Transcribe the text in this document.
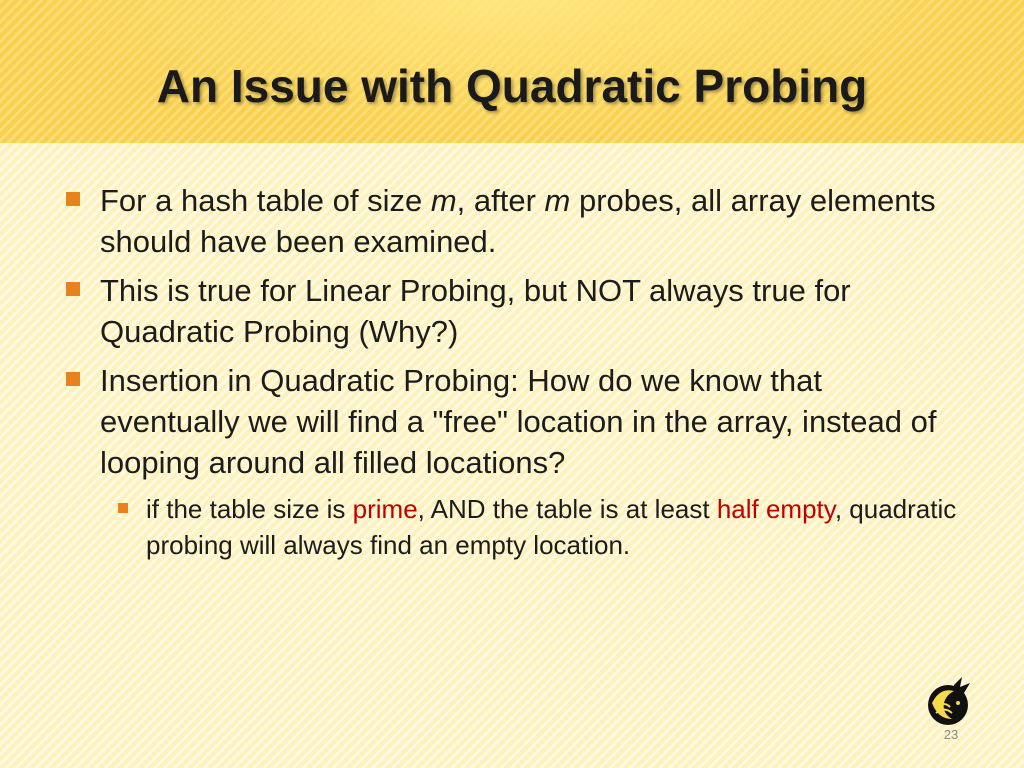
An Issue with Quadratic Probing
For a hash table of size m, after m probes, all array elements should have been examined.
This is true for Linear Probing, but NOT always true for Quadratic Probing (Why?)
Insertion in Quadratic Probing: How do we know that eventually we will find a "free" location in the array, instead of looping around all filled locations?
if the table size is prime, AND the table is at least half empty, quadratic probing will always find an empty location.
23
